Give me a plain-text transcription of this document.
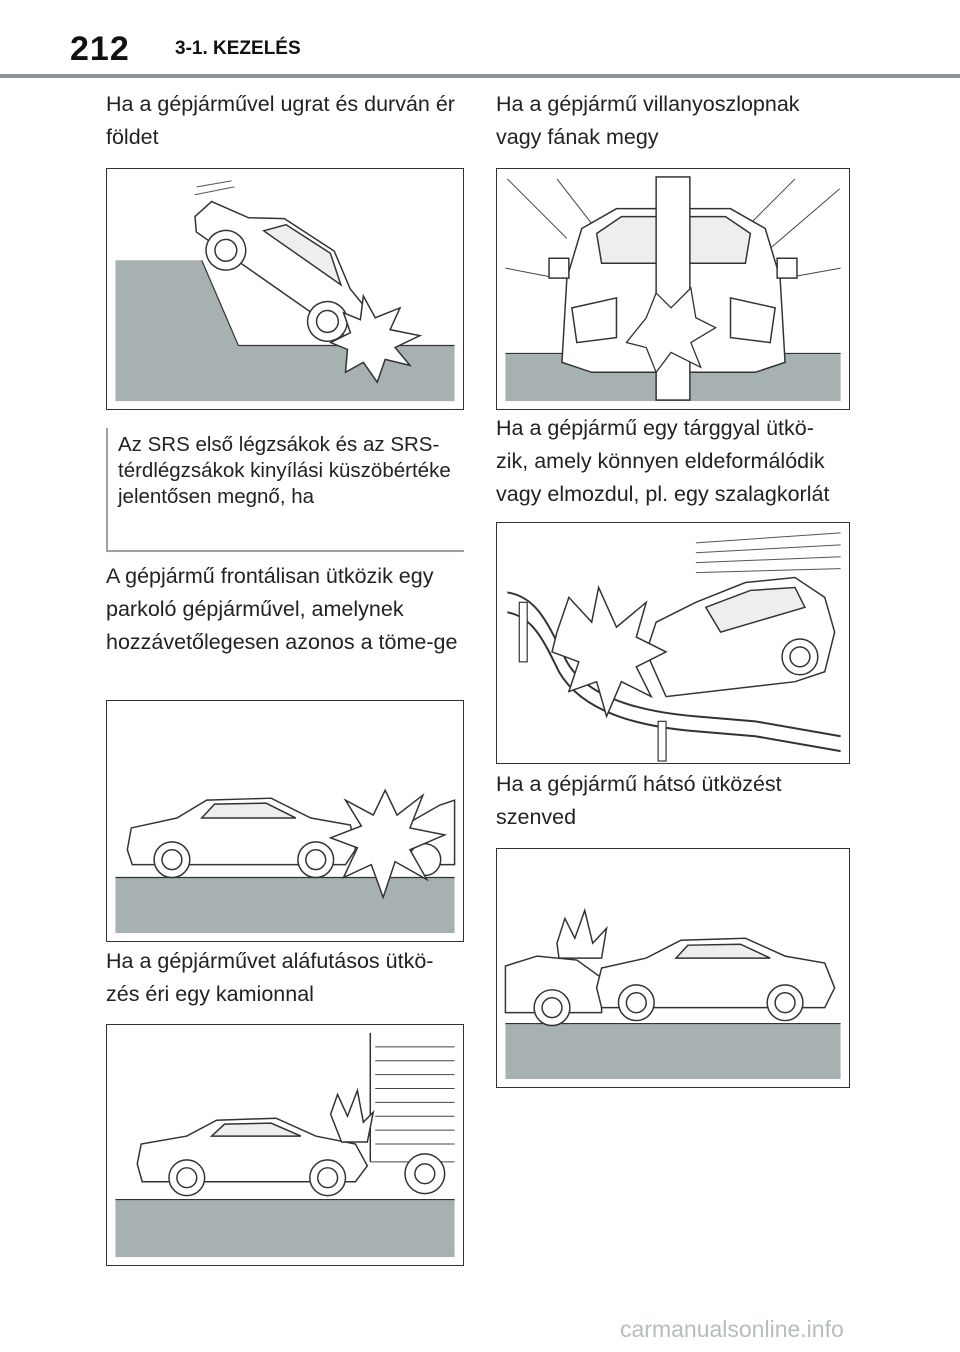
212 3-1. KEZELÉS
Ha a gépjárművel ugrat és durván ér földet
Az SRS első légzsákok és az SRS-térdlégzsákok kinyílási küszöbértéke jelentősen megnő, ha
A gépjármű frontálisan ütközik egy parkoló gépjárművel, amelynek hozzávetőlegesen azonos a töme-ge
Ha a gépjárművet aláfutásos ütkö-zés éri egy kamionnal
Ha a gépjármű villanyoszlopnak vagy fának megy
Ha a gépjármű egy tárggyal ütkö-zik, amely könnyen eldeformálódik vagy elmozdul, pl. egy szalagkorlát
Ha a gépjármű hátsó ütközést szenved
carmanualsonline.info
